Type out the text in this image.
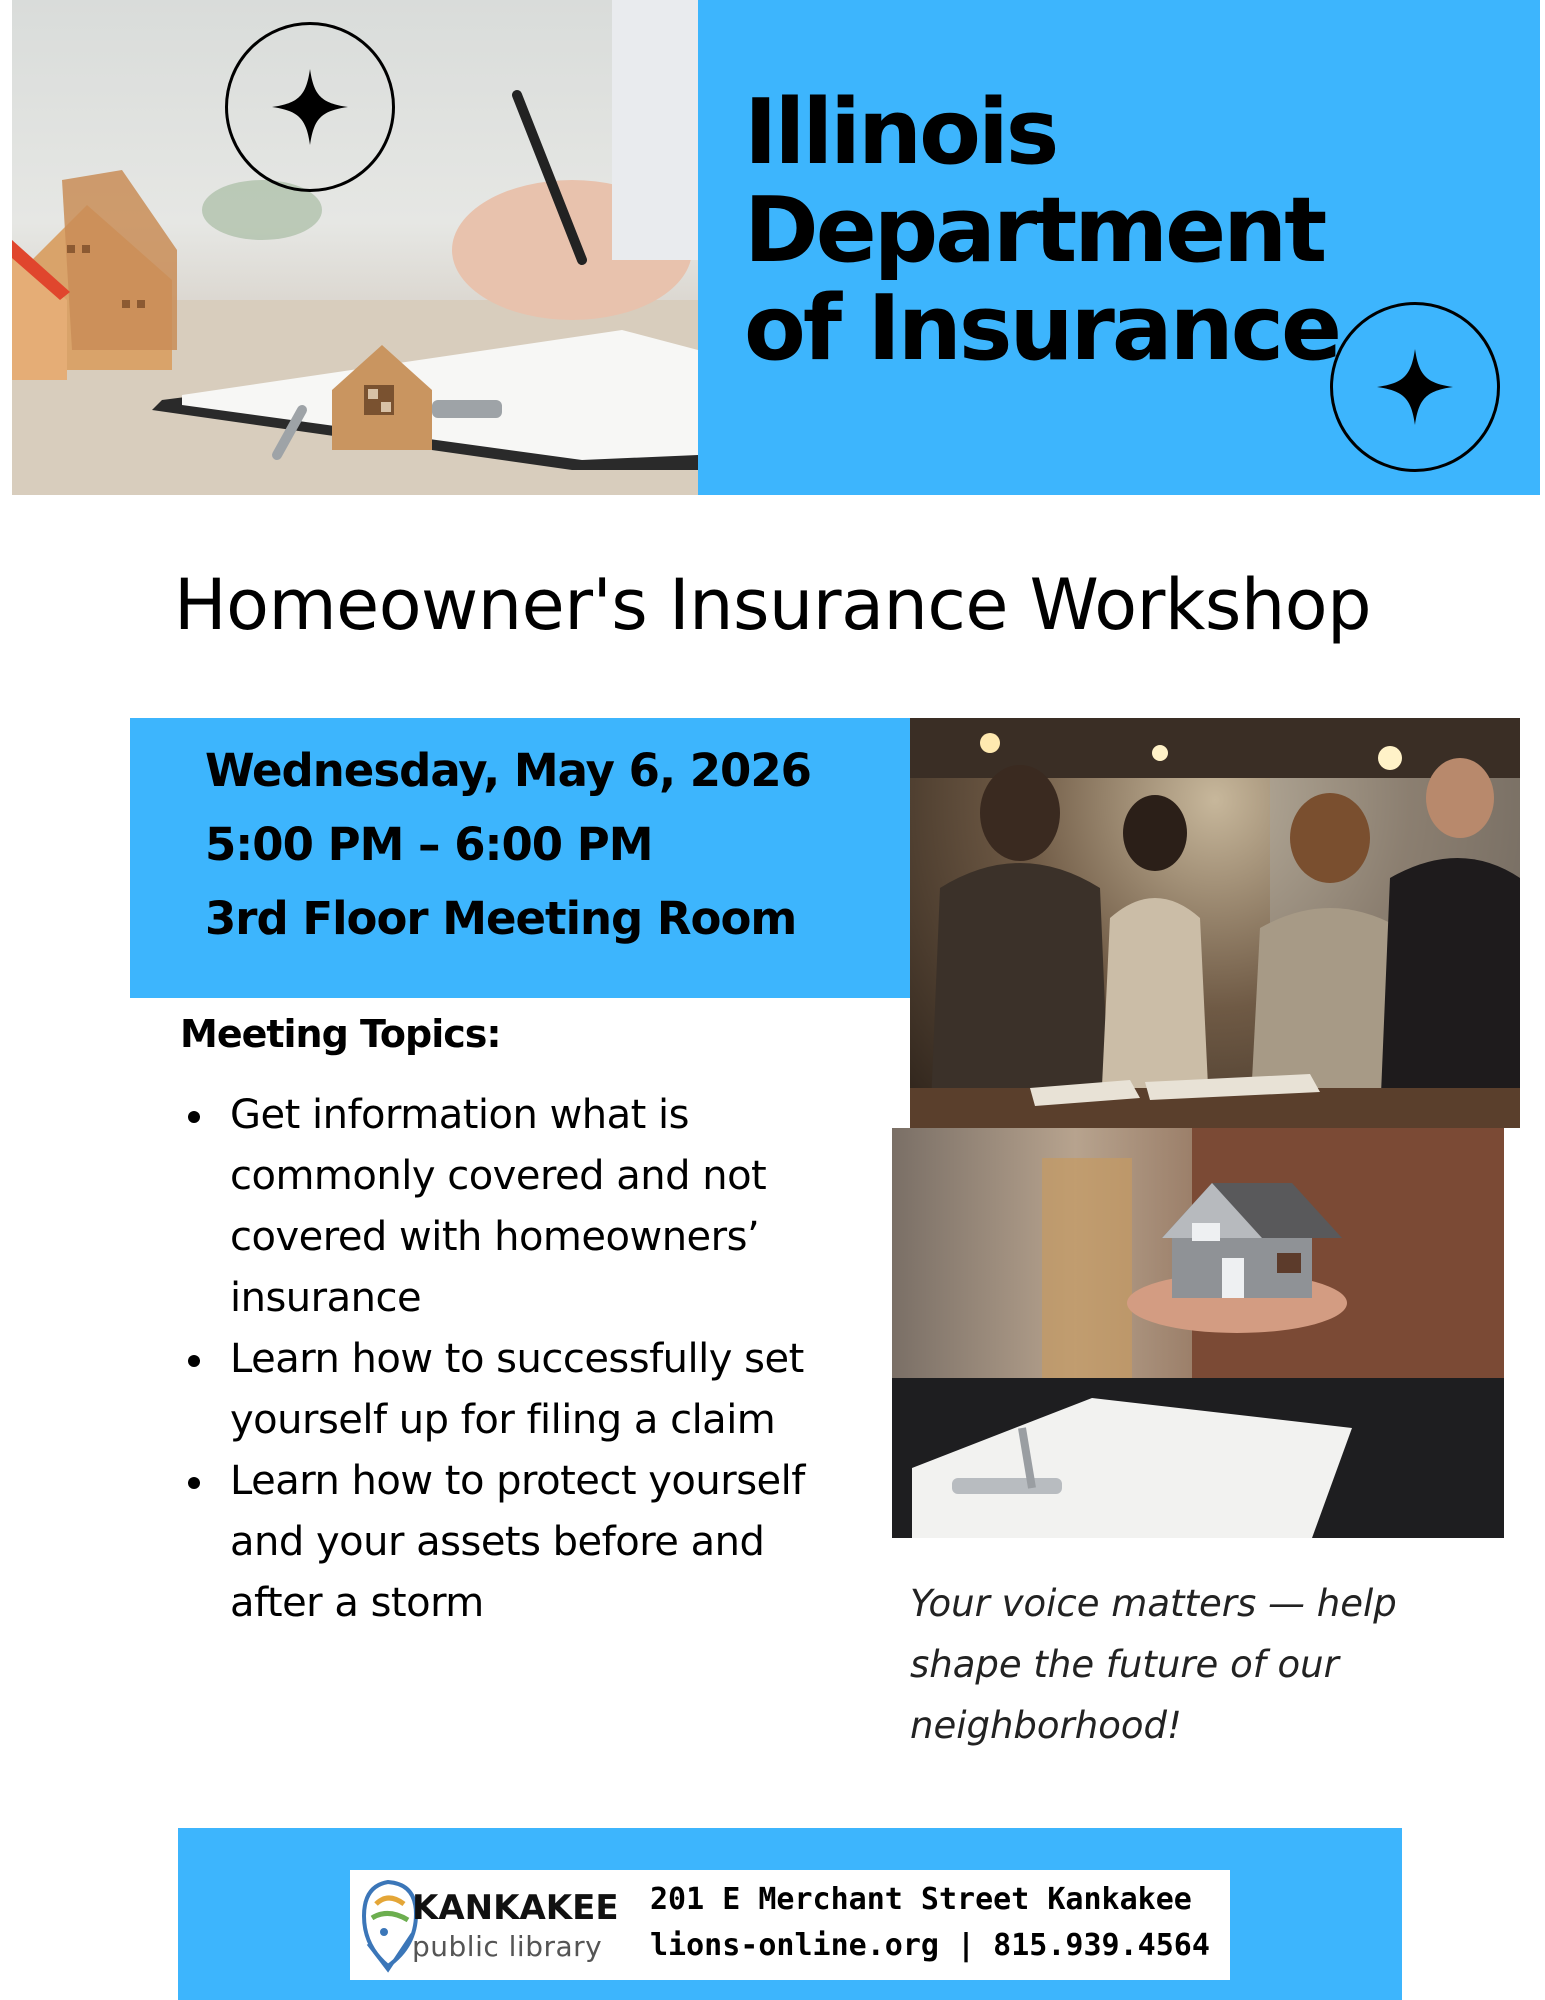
Illinois
Department
of Insurance
Homeowner's Insurance Workshop

Wednesday, May 6, 2026

5:00 PM – 6:00 PM

3rd Floor Meeting Room

Meeting Topics:
Get information what is commonly covered and not covered with homeowners’ insurance
Learn how to successfully set yourself up for filing a claim
Learn how to protect yourself and your assets before and after a storm	Your voice matters — help shape the future of our neighborhood!

KANKAKEE

public library

201 E Merchant Street Kankakee

lions-online.org | 815.939.4564
